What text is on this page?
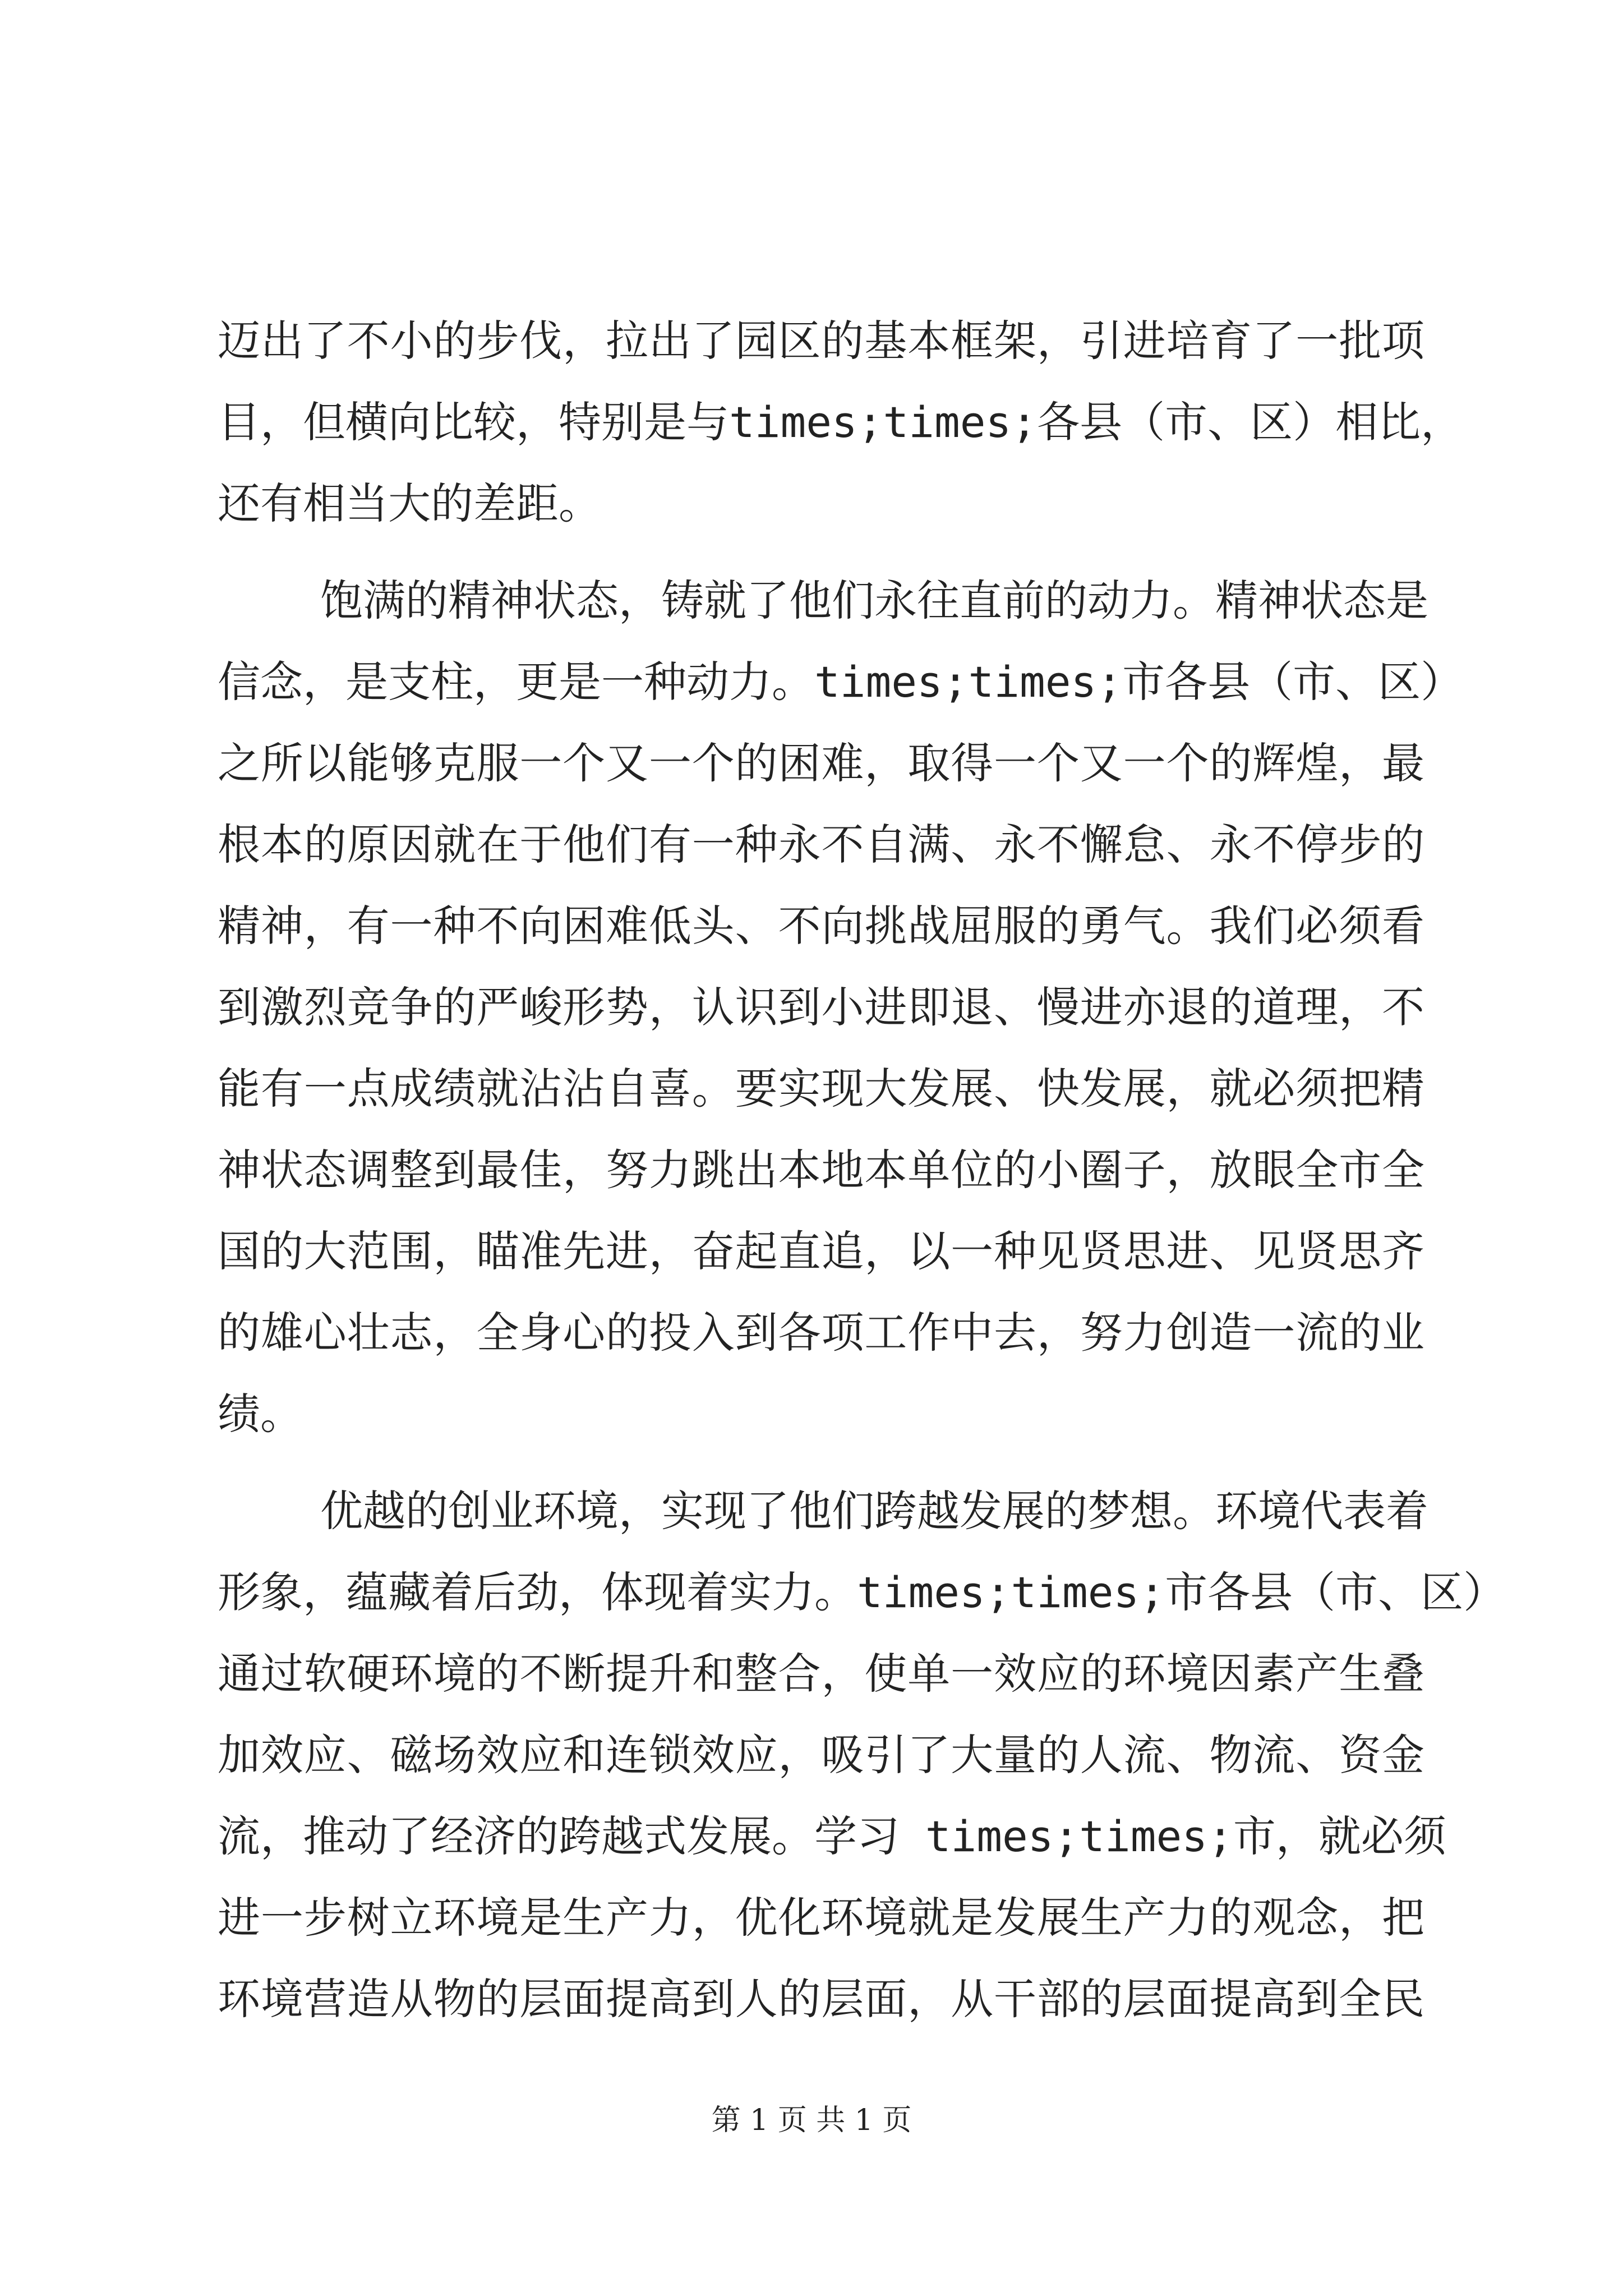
迈出了不小的步伐，拉出了园区的基本框架，引进培育了一批项
目，但横向比较，特别是与times;times;各县（市、区）相比，
还有相当大的差距。
饱满的精神状态，铸就了他们永往直前的动力。精神状态是
信念，是支柱，更是一种动力。times;times;市各县（市、区）
之所以能够克服一个又一个的困难，取得一个又一个的辉煌，最
根本的原因就在于他们有一种永不自满、永不懈怠、永不停步的
精神，有一种不向困难低头、不向挑战屈服的勇气。我们必须看
到激烈竞争的严峻形势，认识到小进即退、慢进亦退的道理，不
能有一点成绩就沾沾自喜。要实现大发展、快发展，就必须把精
神状态调整到最佳，努力跳出本地本单位的小圈子，放眼全市全
国的大范围，瞄准先进，奋起直追，以一种见贤思进、见贤思齐
的雄心壮志，全身心的投入到各项工作中去，努力创造一流的业
绩。
优越的创业环境，实现了他们跨越发展的梦想。环境代表着
形象，蕴藏着后劲，体现着实力。times;times;市各县（市、区）
通过软硬环境的不断提升和整合，使单一效应的环境因素产生叠
加效应、磁场效应和连锁效应，吸引了大量的人流、物流、资金
流，推动了经济的跨越式发展。学习 times;times;市，就必须
进一步树立环境是生产力，优化环境就是发展生产力的观念，把
环境营造从物的层面提高到人的层面，从干部的层面提高到全民
第 1 页 共 1 页
